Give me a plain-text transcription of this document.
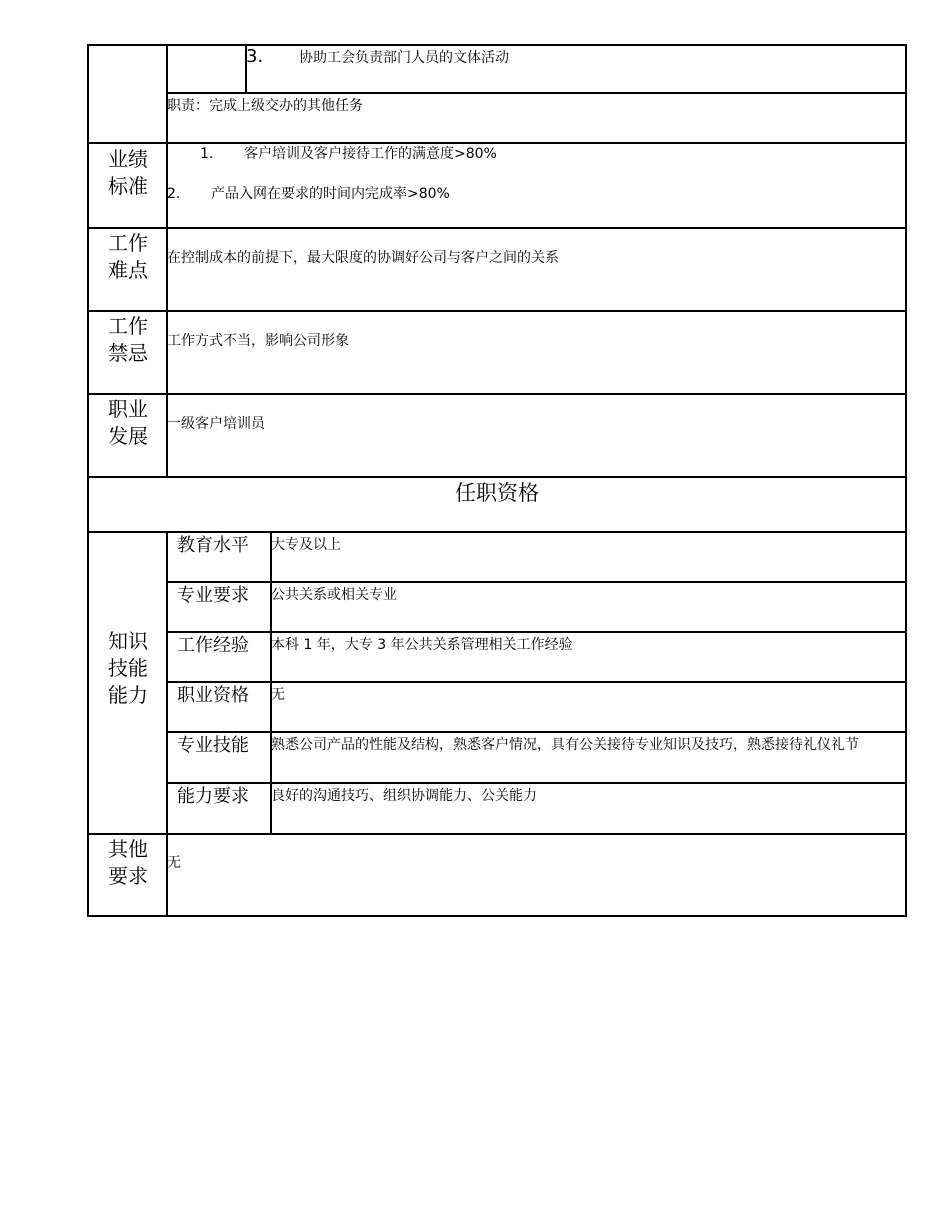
3.	协助工会负责部门人员的文体活动
职责：完成上级交办的其他任务
业绩标准
1. 客户培训及客户接待工作的满意度>80%
2. 产品入网在要求的时间内完成率>80%
工作难点 在控制成本的前提下，最大限度的协调好公司与客户之间的关系
工作禁忌 工作方式不当，影响公司形象
职业发展 一级客户培训员
任职资格
知识技能能力
教育水平 大专及以上
专业要求 公共关系或相关专业
工作经验 本科 1 年，大专 3 年公共关系管理相关工作经验
职业资格 无
专业技能 熟悉公司产品的性能及结构，熟悉客户情况，具有公关接待专业知识及技巧，熟悉接待礼仪礼节
能力要求 良好的沟通技巧、组织协调能力、公关能力
其他要求
无
